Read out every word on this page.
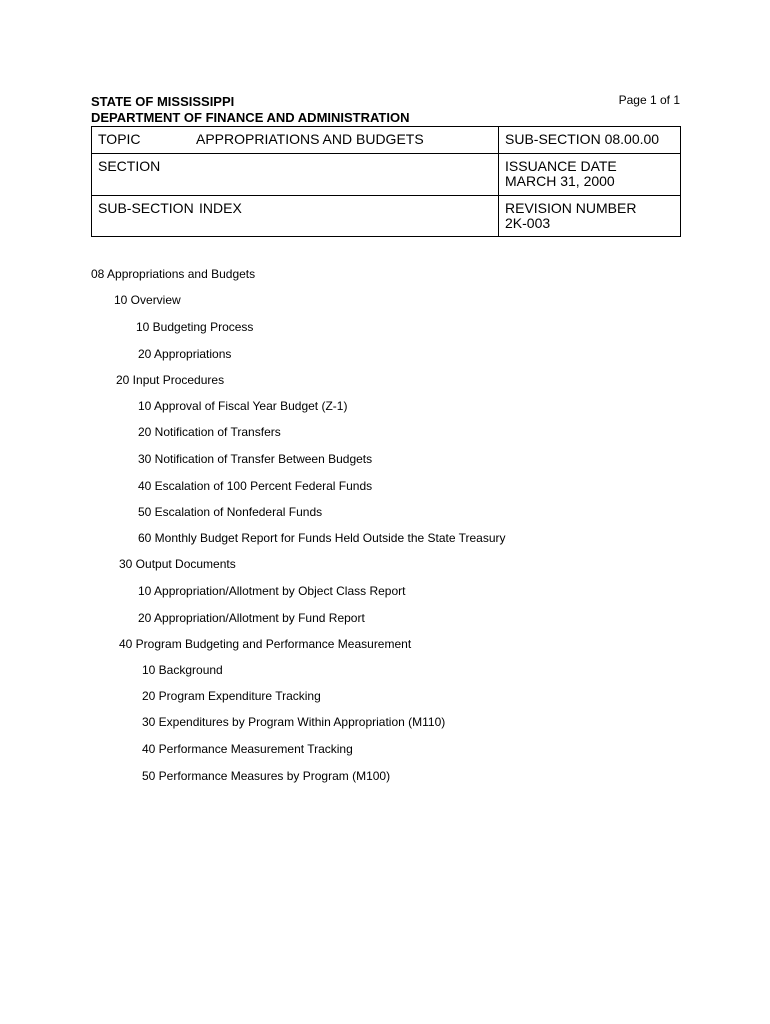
STATE OF MISSISSIPPI
DEPARTMENT OF FINANCE AND ADMINISTRATION
Page 1 of 1
TOPIC	APPROPRIATIONS AND BUDGETS	SUB-SECTION 08.00.00
SECTION	ISSUANCE DATE
MARCH 31, 2000
SUB-SECTION INDEX	REVISION NUMBER
2K-003
08 Appropriations and Budgets
10 Overview
10 Budgeting Process
20 Appropriations
20 Input Procedures
10 Approval of Fiscal Year Budget (Z-1)
20 Notification of Transfers
30 Notification of Transfer Between Budgets
40 Escalation of 100 Percent Federal Funds
50 Escalation of Nonfederal Funds
60 Monthly Budget Report for Funds Held Outside the State Treasury
30 Output Documents
10 Appropriation/Allotment by Object Class Report
20 Appropriation/Allotment by Fund Report
40 Program Budgeting and Performance Measurement
10 Background
20 Program Expenditure Tracking
30 Expenditures by Program Within Appropriation (M110)
40 Performance Measurement Tracking
50 Performance Measures by Program (M100)
